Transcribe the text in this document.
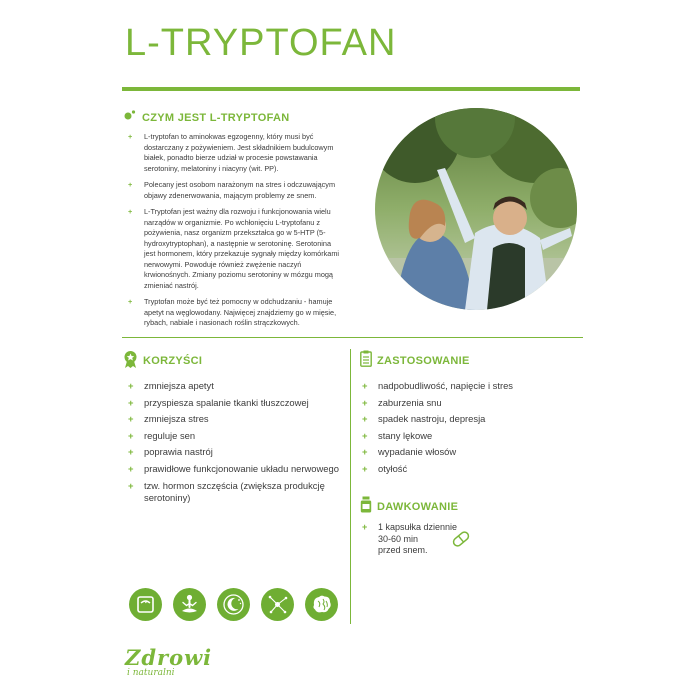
L-TRYPTOFAN
CZYM JEST L-TRYPTOFAN
+ L-tryptofan to aminokwas egzogenny, który musi być dostarczany z pożywieniem. Jest składnikiem budulcowym białek, ponadto bierze udział w procesie powstawania serotoniny, melatoniny i niacyny (wit. PP).
+ Polecany jest osobom narażonym na stres i odczuwającym objawy zdenerwowania, mającym problemy ze snem.
+ L-Tryptofan jest ważny dla rozwoju i funkcjonowania wielu narządów w organizmie. Po wchłonięciu L-tryptofanu z pożywienia, nasz organizm przekształca go w 5-HTP (5-hydroxytryptophan), a następnie w serotoninę. Serotonina jest hormonem, który przekazuje sygnały między komórkami nerwowymi. Powoduje również zwężenie naczyń krwionośnych. Zmiany poziomu serotoniny w mózgu mogą zmieniać nastrój.
+ Tryptofan może być też pomocny w odchudzaniu - hamuje apetyt na węglowodany. Najwięcej znajdziemy go w mięsie, rybach, nabiale i nasionach roślin strączkowych.
KORZYŚCI
+ zmniejsza apetyt
+ przyspiesza spalanie tkanki tłuszczowej
+ zmniejsza stres
+ reguluje sen
+ poprawia nastrój
+ prawidłowe funkcjonowanie układu nerwowego
+ tzw. hormon szczęścia (zwiększa produkcję serotoniny)
ZASTOSOWANIE
+ nadpobudliwość, napięcie i stres
+ zaburzenia snu
+ spadek nastroju, depresja
+ stany lękowe
+ wypadanie włosów
+ otyłość
DAWKOWANIE
+ 1 kapsułka dziennie
30-60 min
przed snem.
Zdrowi
i naturalni
